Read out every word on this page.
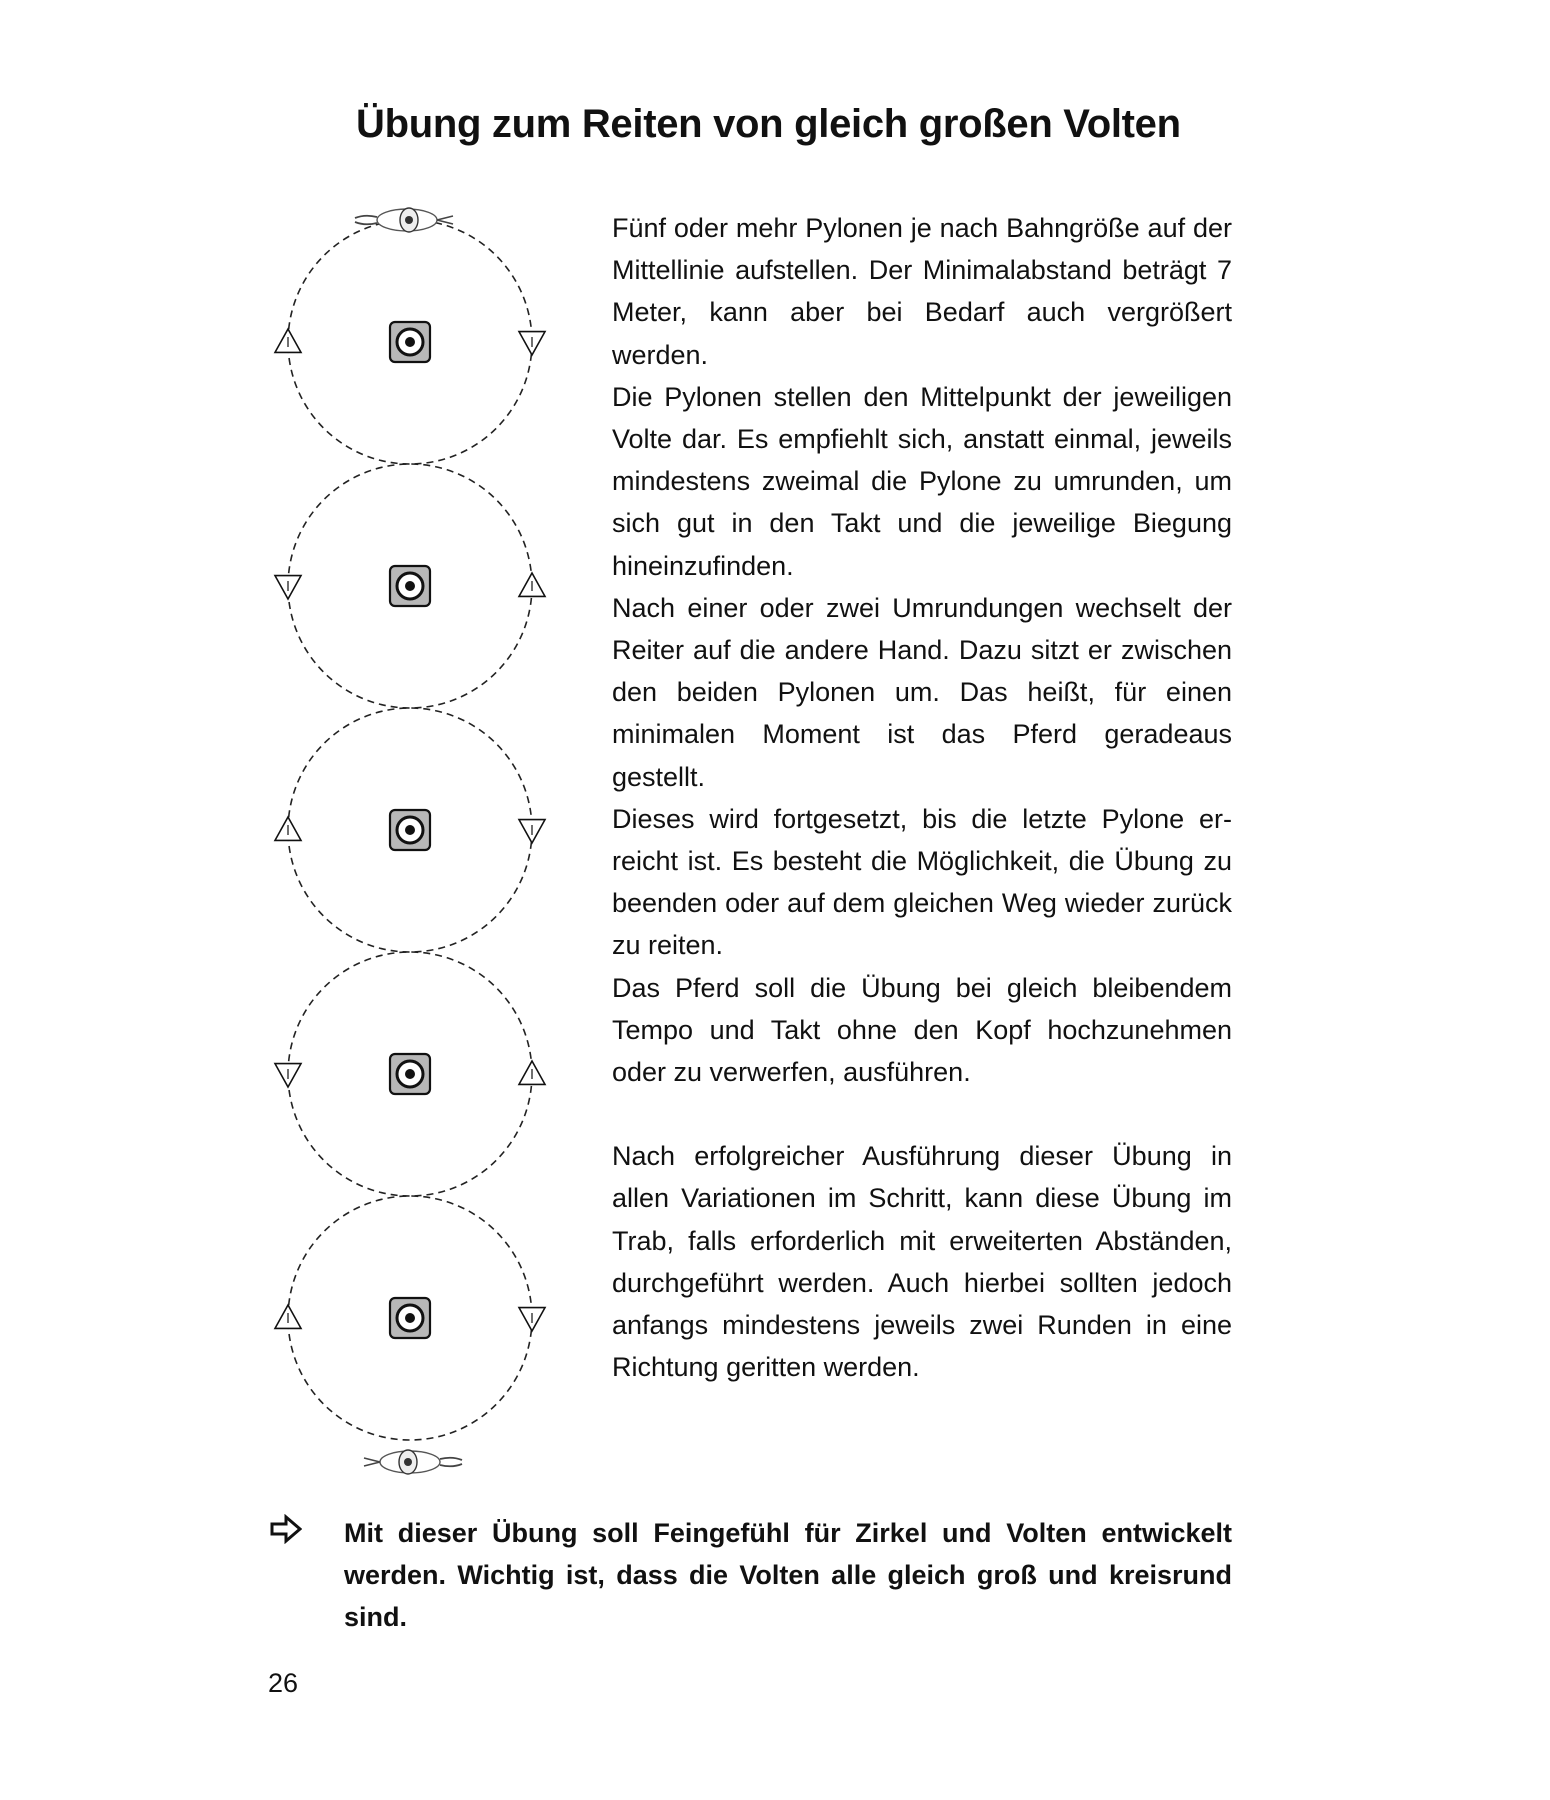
Übung zum Reiten von gleich großen Volten

Fünf oder mehr Pylonen je nach Bahngröße auf der Mittellinie aufstellen. Der Minimalabstand beträgt 7 Meter, kann aber bei Bedarf auch vergrößert werden.

Die Pylonen stellen den Mittelpunkt der jeweiligen Volte dar. Es empfiehlt sich, anstatt einmal, jeweils mindestens zweimal die Pylone zu umrunden, um sich gut in den Takt und die jeweilige Biegung hineinzufinden.

Nach einer oder zwei Umrundungen wechselt der Reiter auf die andere Hand. Dazu sitzt er zwischen den beiden Pylonen um. Das heißt, für einen minimalen Moment ist das Pferd geradeaus gestellt.

Dieses wird fortgesetzt, bis die letzte Pylone erreicht ist. Es besteht die Möglichkeit, die Übung zu beenden oder auf dem gleichen Weg wieder zurück zu reiten.

Das Pferd soll die Übung bei gleich bleibendem Tempo und Takt ohne den Kopf hochzunehmen oder zu verwerfen, ausführen.

Nach erfolgreicher Ausführung dieser Übung in allen Variationen im Schritt, kann diese Übung im Trab, falls erforderlich mit erweiterten Abständen, durchgeführt werden. Auch hierbei sollten jedoch anfangs mindestens jeweils zwei Runden in eine Richtung geritten werden.

Mit dieser Übung soll Feingefühl für Zirkel und Volten entwickelt werden. Wichtig ist, dass die Volten alle gleich groß und kreisrund sind.

26
